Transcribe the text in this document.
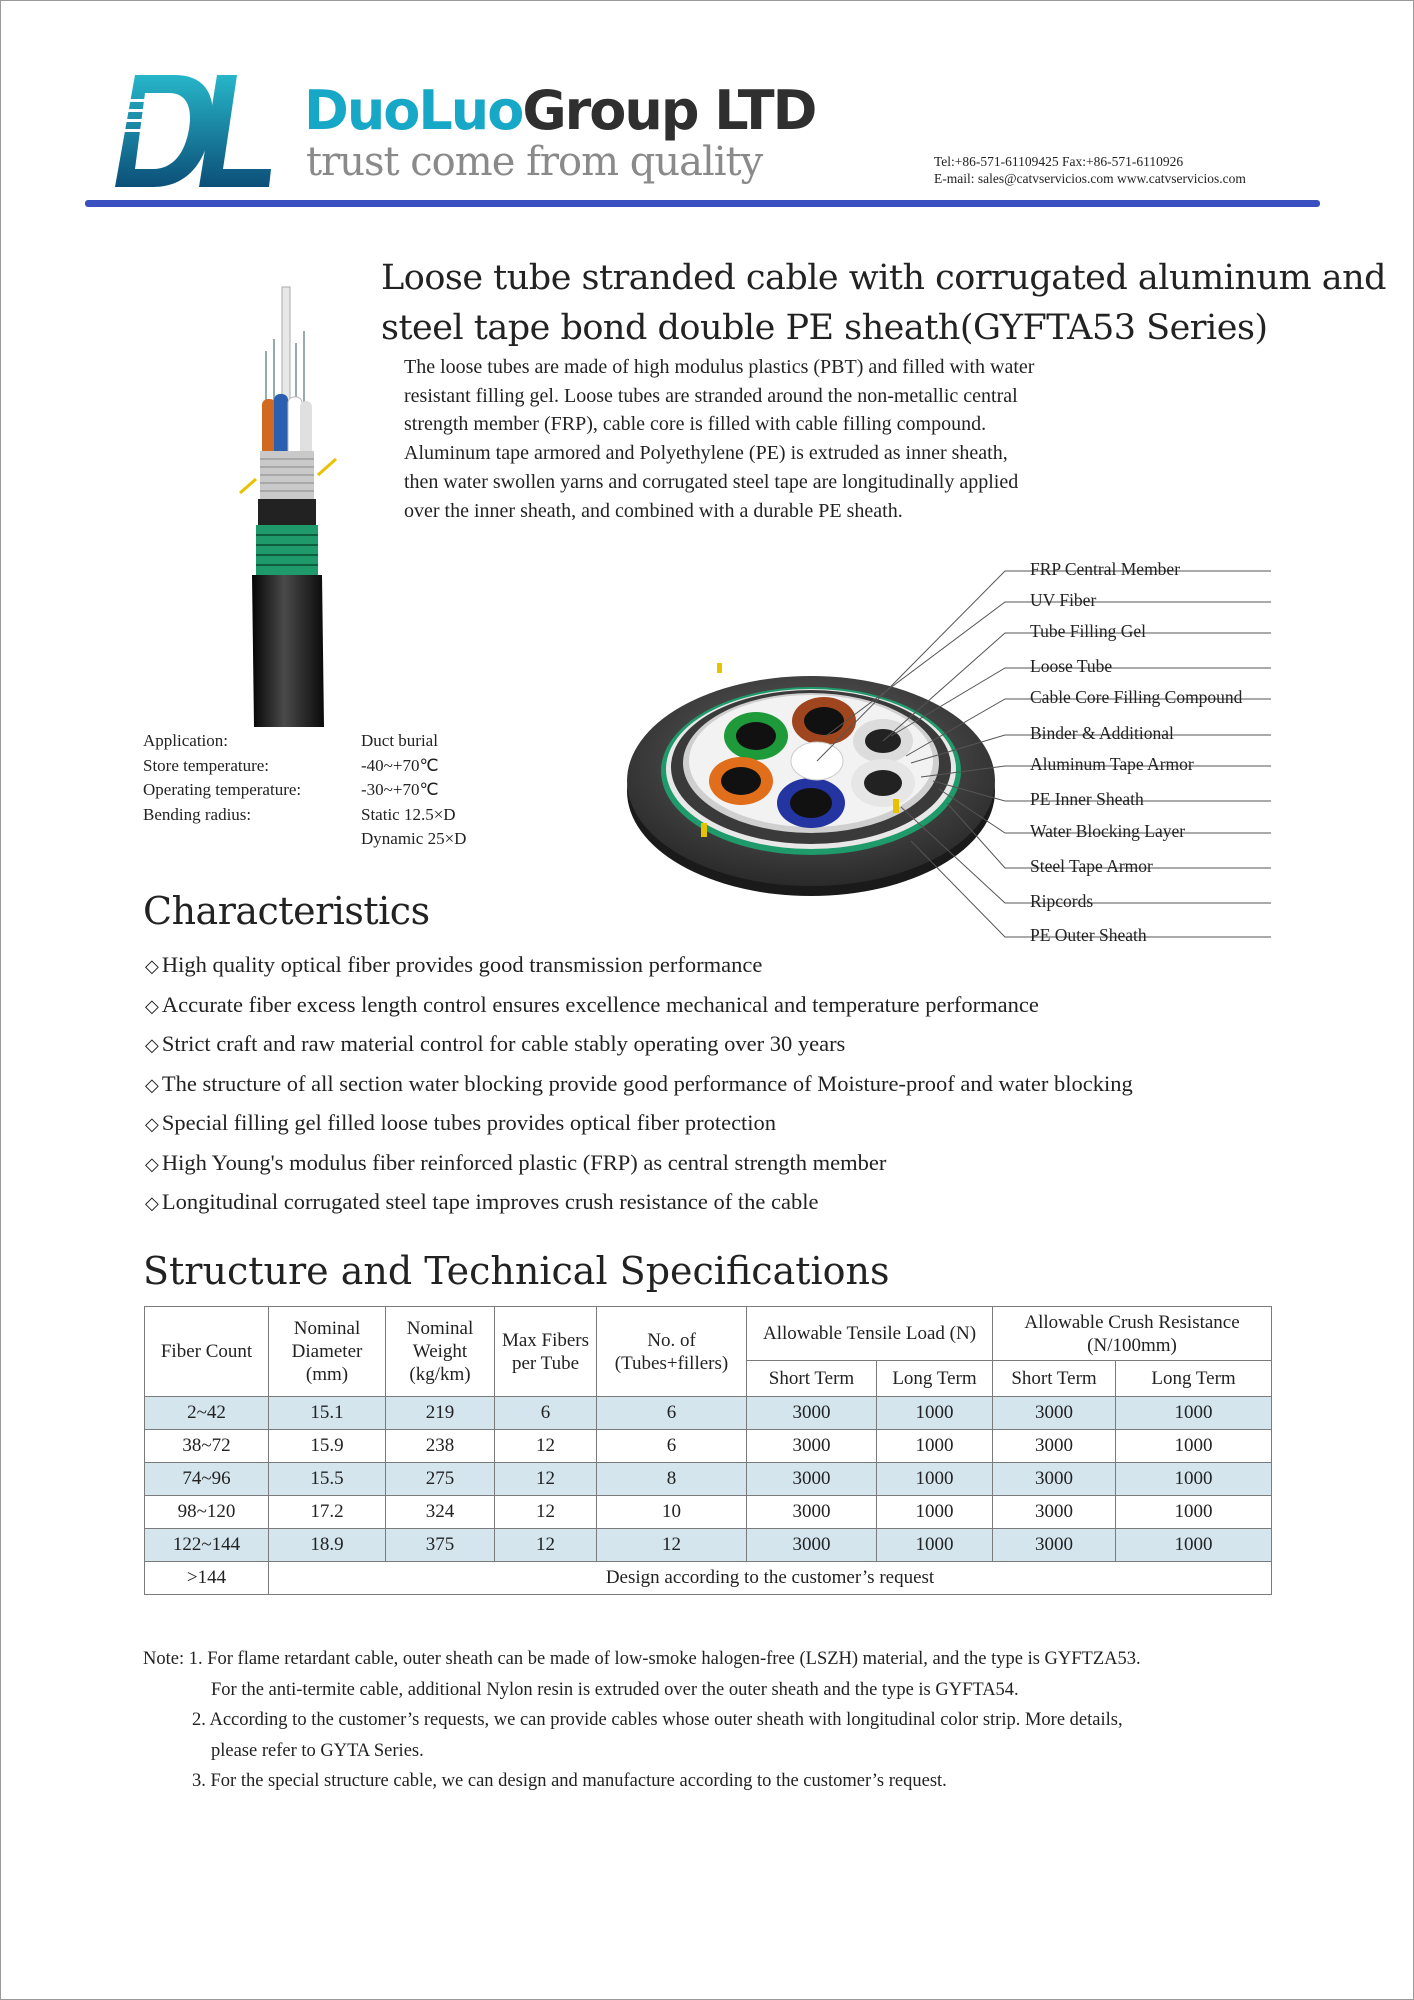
DuoLuoGroup LTD
trust come from quality	Tel:+86-571-61109425 Fax:+86-571-6110926
E-mail: sales@catvservicios.com www.catvservicios.com
Loose tube stranded cable with corrugated aluminum and steel tape bond double PE sheath(GYFTA53 Series)
The loose tubes are made of high modulus plastics (PBT) and filled with water
resistant filling gel. Loose tubes are stranded around the non-metallic central
strength member (FRP), cable core is filled with cable filling compound.
Aluminum tape armored and Polyethylene (PE) is extruded as inner sheath,
then water swollen yarns and corrugated steel tape are longitudinally applied
over the inner sheath, and combined with a durable PE sheath.
Application:	Duct burial
Store temperature:	-40~+70℃
Operating temperature:	-30~+70℃
Bending radius:	Static 12.5×D
Dynamic 25×D
FRP Central Member
UV Fiber
Tube Filling Gel
Loose Tube
Cable Core Filling Compound
Binder & Additional
Aluminum Tape Armor
PE Inner Sheath
Water Blocking Layer
Steel Tape Armor
Ripcords
PE Outer Sheath
Characteristics
◇ High quality optical fiber provides good transmission performance
◇ Accurate fiber excess length control ensures excellence mechanical and temperature performance
◇ Strict craft and raw material control for cable stably operating over 30 years
◇ The structure of all section water blocking provide good performance of Moisture-proof and water blocking
◇ Special filling gel filled loose tubes provides optical fiber protection
◇ High Young's modulus fiber reinforced plastic (FRP) as central strength member
◇ Longitudinal corrugated steel tape improves crush resistance of the cable
Structure and Technical Specifications
Fiber Count	Nominal Diameter (mm)	Nominal Weight (kg/km)	Max Fibers per Tube	No. of (Tubes+fillers)	Allowable Tensile Load (N)		Allowable Crush Resistance (N/100mm)	
					Short Term	Long Term	Short Term	Long Term
2~42	15.1	219	6	6	3000	1000	3000	1000
38~72	15.9	238	12	6	3000	1000	3000	1000
74~96	15.5	275	12	8	3000	1000	3000	1000
98~120	17.2	324	12	10	3000	1000	3000	1000
122~144	18.9	375	12	12	3000	1000	3000	1000
>144	Design according to the customer’s request							
Note: 1. For flame retardant cable, outer sheath can be made of low-smoke halogen-free (LSZH) material, and the type is GYFTZA53.
For the anti-termite cable, additional Nylon resin is extruded over the outer sheath and the type is GYFTA54.
2. According to the customer’s requests, we can provide cables whose outer sheath with longitudinal color strip. More details,
please refer to GYTA Series.
3. For the special structure cable, we can design and manufacture according to the customer’s request.
